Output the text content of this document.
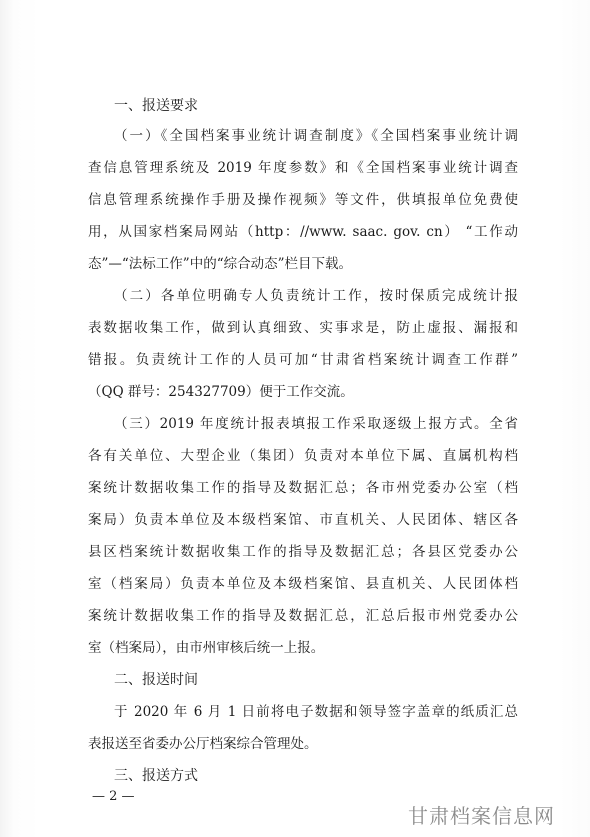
一、报送要求
（一）《全国档案事业统计调查制度》《全国档案事业统计调
查信息管理系统及 2019 年度参数》和《全国档案事业统计调查
信息管理系统操作手册及操作视频》等文件，供填报单位免费使
用，从国家档案局网站（http：//www. saac. gov. cn） “工作动
态”—“法标工作”中的“综合动态”栏目下载。
（二）各单位明确专人负责统计工作，按时保质完成统计报
表数据收集工作，做到认真细致、实事求是，防止虚报、漏报和
错报。负责统计工作的人员可加“甘肃省档案统计调查工作群”
（QQ 群号：254327709）便于工作交流。
（三）2019 年度统计报表填报工作采取逐级上报方式。全省
各有关单位、大型企业（集团）负责对本单位下属、直属机构档
案统计数据收集工作的指导及数据汇总；各市州党委办公室（档
案局）负责本单位及本级档案馆、市直机关、人民团体、辖区各
县区档案统计数据收集工作的指导及数据汇总；各县区党委办公
室（档案局）负责本单位及本级档案馆、县直机关、人民团体档
案统计数据收集工作的指导及数据汇总，汇总后报市州党委办公
室（档案局），由市州审核后统一上报。
二、报送时间
于 2020 年 6 月 1 日前将电子数据和领导签字盖章的纸质汇总
表报送至省委办公厅档案综合管理处。
三、报送方式
— 2 —
甘肃档案信息网
